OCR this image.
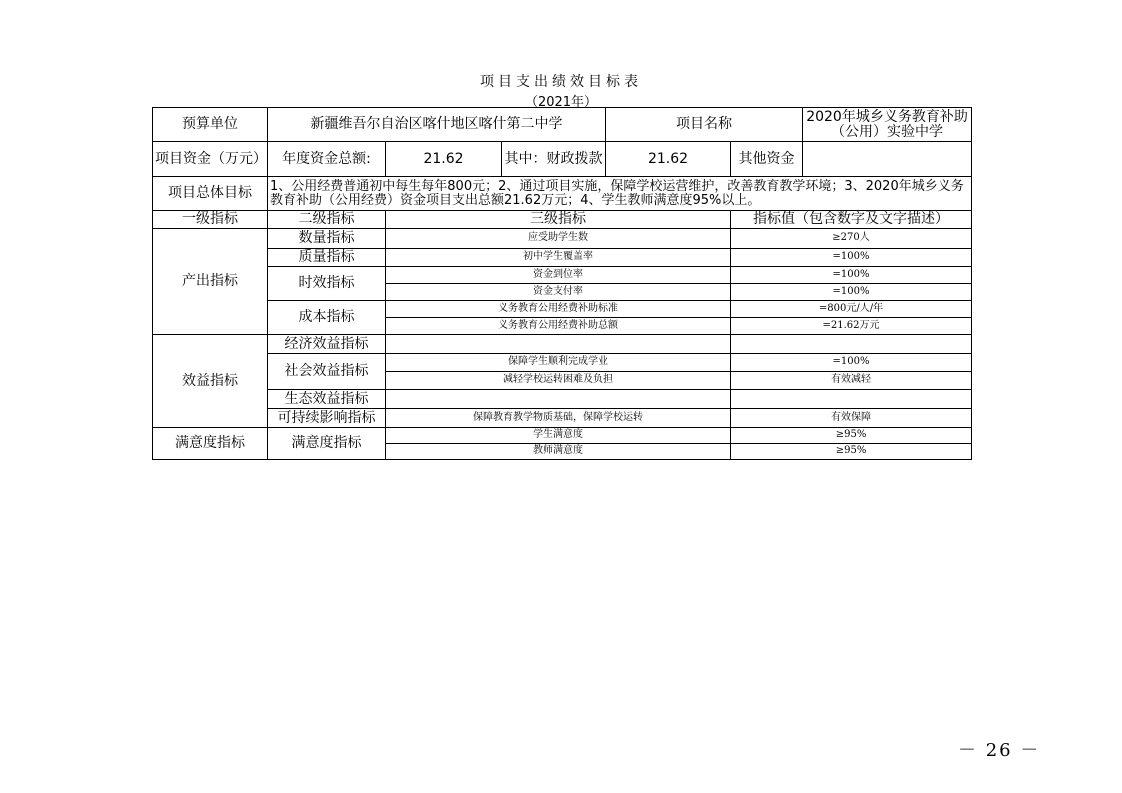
项目支出绩效目标表
（2021年）
预算单位	新疆维吾尔自治区喀什地区喀什第二中学			项目名称		2020年城乡义务教育补助（公用）实验中学
项目资金（万元）	年度资金总额:	21.62	其中：财政拨款	21.62	其他资金	
项目总体目标	1、公用经费普通初中每生每年800元；2、通过项目实施，保障学校运营维护，改善教育教学环境；3、2020年城乡义务教育补助（公用经费）资金项目支出总额21.62万元；4、学生教师满意度95%以上。					
一级指标	二级指标	三级指标			指标值（包含数字及文字描述）	
产出指标	数量指标	应受助学生数			≥270人	
	质量指标	初中学生覆盖率			=100%	
	时效指标	资金到位率			=100%	
		资金支付率			=100%	
	成本指标	义务教育公用经费补助标准			=800元/人/年	
		义务教育公用经费补助总额			=21.62万元	
效益指标	经济效益指标					
	社会效益指标	保障学生顺利完成学业			=100%	
		减轻学校运转困难及负担			有效减轻	
	生态效益指标					
	可持续影响指标	保障教育教学物质基础，保障学校运转			有效保障	

满意度指标	满意度指标	学生满意度			≥95%	
		教师满意度			≥95%	
－ 26 －
